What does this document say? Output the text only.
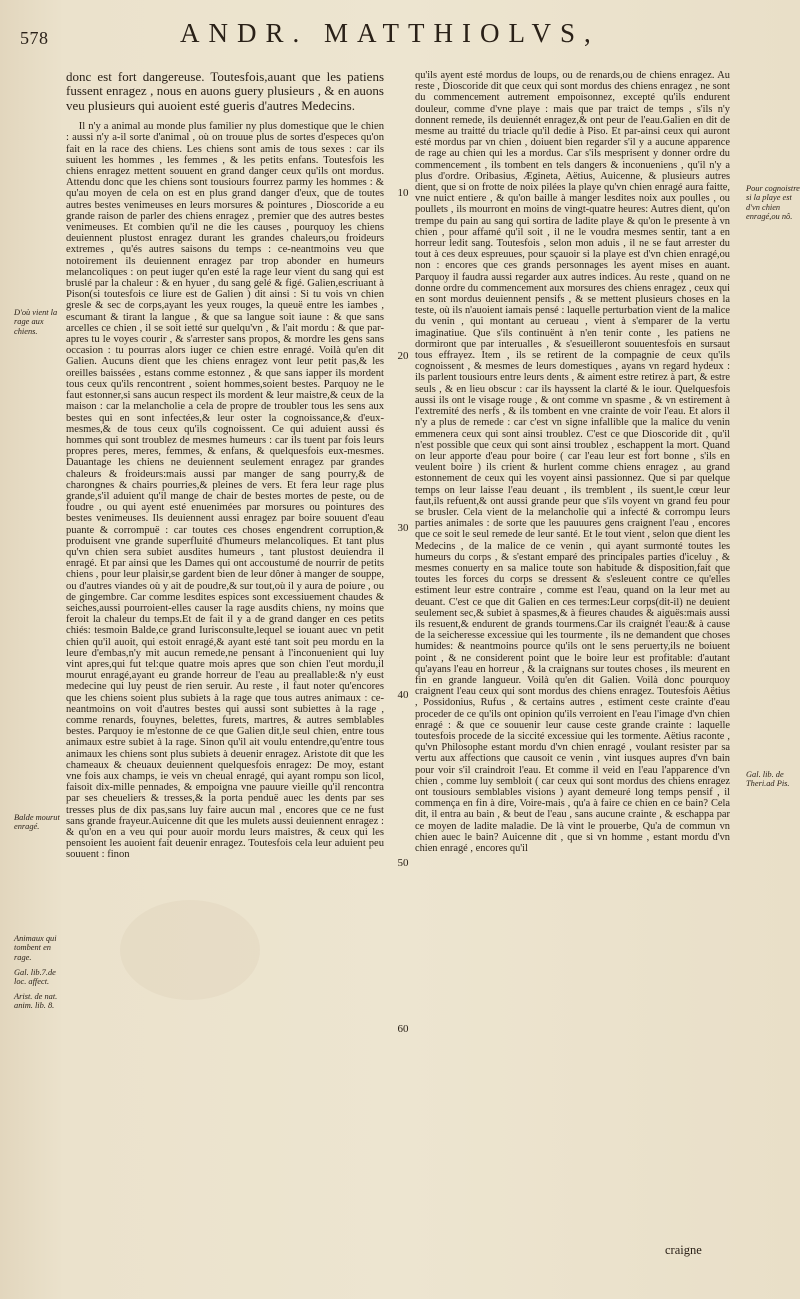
578	ANDR. MATTHIOLVS,

donc est fort dangereuse. Toutesfois,auant que les patiens fussent enragez , nous en auons guery plusieurs , & en auons veu plusieurs qui auoient esté gueris d'autres Medecins.

Il n'y a animal au monde plus familier ny plus domestique que le chien : aussi n'y a-il sorte d'animal , où on trouue plus de sortes d'especes qu'on fait en la race des chiens. Les chiens sont amis de tous sexes : car ils suiuent les hommes , les femmes , & les petits enfans. Toutesfois les chiens enragez mettent souuent en grand danger ceux qu'ils ont mordus. Attendu donc que les chiens sont tousiours fourrez parmy les hommes : & qu'au moyen de cela on est en plus grand danger d'eux, que de toutes autres bestes venimeuses en leurs morsures & pointures , Dioscoride a eu grande raison de parler des chiens enragez , premier que des autres bestes venimeuses. Et combien qu'il ne die les causes , pourquoy les chiens deuiennent plustost enragez durant les grandes chaleurs,ou froideurs extremes , qu'és autres saisons du temps : ce-neantmoins veu que notoirement ils deuiennent enragez par trop abonder en humeurs melancoliques : on peut iuger qu'en esté la rage leur vient du sang qui est bruslé par la chaleur : & en hyuer , du sang gelé & figé. Galien,escriuant à Pison(si toutesfois ce liure est de Galien ) dit ainsi : Si tu vois vn chien gresle & sec de corps,ayant les yeux rouges, la queuë entre les iambes , escumant & tirant la langue , & que sa langue soit iaune : & que sans arcelles ce chien , il se soit ietté sur quelqu'vn , & l'ait mordu : & que par-apres tu le voyes courir , & s'arrester sans propos, & mordre les gens sans occasion : tu pourras alors iuger ce chien estre enragé. Voilà qu'en dit Galien. Aucuns dient que les chiens enragez vont leur petit pas,& les oreilles baissées , estans comme estonnez , & que sans iapper ils mordent tous ceux qu'ils rencontrent , soient hommes,soient bestes. Parquoy ne le faut estonner,si sans aucun respect ils mordent & leur maistre,& ceux de la maison : car la melancholie a cela de propre de troubler tous les sens aux bestes qui en sont infectées,& leur oster la cognoissance,& d'eux-mesmes,& de tous ceux qu'ils cognoissent. Ce qui aduient aussi és hommes qui sont troublez de mesmes humeurs : car ils tuent par fois leurs propres peres, meres, femmes, & enfans, & quelquesfois eux-mesmes. Dauantage les chiens ne deuiennent seulement enragez par grandes chaleurs & froideurs:mais aussi par manger de sang pourry,& de charongnes & chairs pourries,& pleines de vers. Et fera leur rage plus grande,s'il aduient qu'il mange de chair de bestes mortes de peste, ou de foudre , ou qui ayent esté enuenimées par morsures ou pointures des bestes venimeuses. Ils deuiennent aussi enragez par boire souuent d'eau puante & corrompuë : car toutes ces choses engendrent corruption,& produisent vne grande superfluité d'humeurs melancoliques. Et tant plus qu'vn chien sera subiet ausdites humeurs , tant plustost deuiendra il enragé. Et par ainsi que les Dames qui ont accoustumé de nourrir de petits chiens , pour leur plaisir,se gardent bien de leur dôner à manger de souppe, ou d'autres viandes où y ait de poudre,& sur tout,où il y aura de poiure , ou de gingembre. Car comme lesdites espices sont excessiuement chaudes & seiches,aussi pourroient-elles causer la rage ausdits chiens, ny moins que feroit la chaleur du temps.Et de fait il y a de grand danger en ces petits chiés: tesmoin Balde,ce grand Iurisconsulte,lequel se iouant auec vn petit chien qu'il auoit, qui estoit enragé,& ayant esté tant soit peu mordu en la leure d'embas,n'y mit aucun remede,ne pensant à l'inconuenient qui luy vint apres,qui fut tel:que quatre mois apres que son chien l'eut mordu,il mourut enragé,ayant eu grande horreur de l'eau au preallable:& n'y eust medecine qui luy peust de rien seruir. Au reste , il faut noter qu'encores que les chiens soient plus subiets à la rage que tous autres animaux : ce-neantmoins on voit d'autres bestes qui aussi sont subiettes à la rage , comme renards, fouynes, belettes, furets, martres, & autres semblables bestes. Parquoy ie m'estonne de ce que Galien dit,le seul chien, entre tous animaux estre subiet à la rage. Sinon qu'il ait voulu entendre,qu'entre tous animaux les chiens sont plus subiets à deuenir enragez. Aristote dit que les chameaux & cheuaux deuiennent quelquesfois enragez: De moy, estant vne fois aux champs, ie veis vn cheual enragé, qui ayant rompu son licol, faisoit dix-mille pennades, & empoigna vne pauure vieille qu'il rencontra par ses cheueliers & tresses,& la porta penduë auec les dents par ses tresses plus de dix pas,sans luy faire aucun mal , encores que ce ne fust sans grande frayeur.Auicenne dit que les mulets aussi deuiennent enragez : & qu'on en a veu qui pour auoir mordu leurs maistres, & ceux qui les pensoient les auoient fait deuenir enragez. Toutesfois cela leur aduient peu souuent : finon

qu'ils ayent esté mordus de loups, ou de renards,ou de chiens enragez. Au reste , Dioscoride dit que ceux qui sont mordus des chiens enragez , ne sont du commencement autrement empoisonnez, excepté qu'ils endurent douleur, comme d'vne playe : mais que par traict de temps , s'ils n'y donnent remede, ils deuiennét enragez,& ont peur de l'eau.Galien en dit de mesme au traitté du triacle qu'il dedie à Piso. Et par-ainsi ceux qui auront esté mordus par vn chien , doiuent bien regarder s'il y a aucune apparence de rage au chien qui les a mordus. Car s'ils mesprisent y donner ordre du commencement , ils tombent en tels dangers & inconueniens , qu'il n'y a plus d'ordre. Oribasius, Ægineta, Aëtius, Auicenne, & plusieurs autres dient, que si on frotte de noix pilées la playe qu'vn chien enragé aura faitte, vne nuict entiere , & qu'on baille à manger lesdites noix aux poulles , ou poullets , ils mourront en moins de vingt-quatre heures: Autres dient, qu'on trempe du pain au sang qui sortira de ladite playe & qu'on le presente à vn chien , pour affamé qu'il soit , il ne le voudra mesmes sentir, tant a en horreur ledit sang. Toutesfois , selon mon aduis , il ne se faut arrester du tout à ces deux espreuues, pour sçauoir si la playe est d'vn chien enragé,ou non : encores que ces grands personnages les ayent mises en auant. Parquoy il faudra aussi regarder aux autres indices. Au reste , quand on ne donne ordre du commencement aux morsures des chiens enragez , ceux qui en sont mordus deuiennent pensifs , & se mettent plusieurs choses en la teste, où ils n'auoient iamais pensé : laquelle perturbation vient de la malice du venin , qui montant au cerueau , vient à s'emparer de la vertu imaginatiue. Que s'ils continuënt à n'en tenir conte , les patiens ne dormiront que par interualles , & s'esueilleront souuentesfois en sursaut tous effrayez. Item , ils se retirent de la compagnie de ceux qu'ils cognoissent , & mesmes de leurs domestiques , ayans vn regard hydeux : ils parlent tousiours entre leurs dents , & aiment estre retirez à part, & estre seuls , & en lieu obscur : car ils hayssent la clarté & le iour. Quelquesfois aussi ils ont le visage rouge , & ont comme vn spasme , & vn estirement à l'extremité des nerfs , & ils tombent en vne crainte de voir l'eau. Et alors il n'y a plus de remede : car c'est vn signe infallible que la malice du venin emmenera ceux qui sont ainsi troublez. C'est ce que Dioscoride dit , qu'il n'est possible que ceux qui sont ainsi troublez , eschappent la mort. Quand on leur apporte d'eau pour boire ( car l'eau leur est fort bonne , s'ils en veulent boire ) ils crient & hurlent comme chiens enragez , au grand estonnement de ceux qui les voyent ainsi passionnez. Que si par quelque temps on leur laisse l'eau deuant , ils tremblent , ils suent,le cœur leur faut,ils refuent,& ont aussi grande peur que s'ils voyent vn grand feu pour se brusler. Cela vient de la melancholie qui a infecté & corrompu leurs parties animales : de sorte que les pauuures gens craignent l'eau , encores que ce soit le seul remede de leur santé. Et le tout vient , selon que dient les Medecins , de la malice de ce venin , qui ayant surmonté toutes les humeurs du corps , & s'estant emparé des principales parties d'iceluy , & mesmes conuerty en sa malice toute son habitude & disposition,fait que toutes les forces du corps se dressent & s'esleuent contre ce qu'elles estiment leur estre contraire , comme est l'eau, quand on la leur met au deuant. C'est ce que dit Galien en ces termes:Leur corps(dit-il) ne deuient seulement sec,& subiet à spasmes,& à fieures chaudes & aiguës:mais aussi ils resuent,& endurent de grands tourmens.Car ils craignét l'eau:& à cause de la seicheresse excessiue qui les tourmente , ils ne demandent que choses humides: & neantmoins pource qu'ils ont le sens peruerty,ils ne boiuent point , & ne considerent point que le boire leur est profitable: d'autant qu'ayans l'eau en horreur , & la craignans sur toutes choses , ils meurent en fin en grande langueur. Voilà qu'en dit Galien. Voilà donc pourquoy craignent l'eau ceux qui sont mordus des chiens enragez. Toutesfois Aëtius , Possidonius, Rufus , & certains autres , estiment ceste crainte d'eau proceder de ce qu'ils ont opinion qu'ils verroient en l'eau l'image d'vn chien enragé : & que ce souuenir leur cause ceste grande crainte : laquelle toutesfois procede de la siccité excessiue qui les tormente. Aëtius raconte , qu'vn Philosophe estant mordu d'vn chien enragé , voulant resister par sa vertu aux affections que causoit ce venin , vint iusques aupres d'vn bain pour voir s'il craindroit l'eau. Et comme il veid en l'eau l'apparence d'vn chien , comme luy sembloit ( car ceux qui sont mordus des chiens enragez ont tousiours semblables visions ) ayant demeuré long temps pensif , il commença en fin à dire, Voire-mais , qu'a à faire ce chien en ce bain? Cela dit, il entra au bain , & beut de l'eau , sans aucune crainte , & eschappa par ce moyen de ladite maladie. De là vint le prouerbe, Qu'a de commun vn chien auec le bain? Auicenne dit , que si vn homme , estant mordu d'vn chien enragé , encores qu'il

D'où vient la rage aux chiens.
Balde mourut enragé.
Animaux qui tombent en rage.
Gal. lib.7.de loc. affect.
Arist. de nat. anim. lib. 8.
Pour cognoistre si la playe est d'vn chien enragé,ou nô.
Gal. lib. de Theri.ad Pis.
10
20
30
40
50
60
craigne
